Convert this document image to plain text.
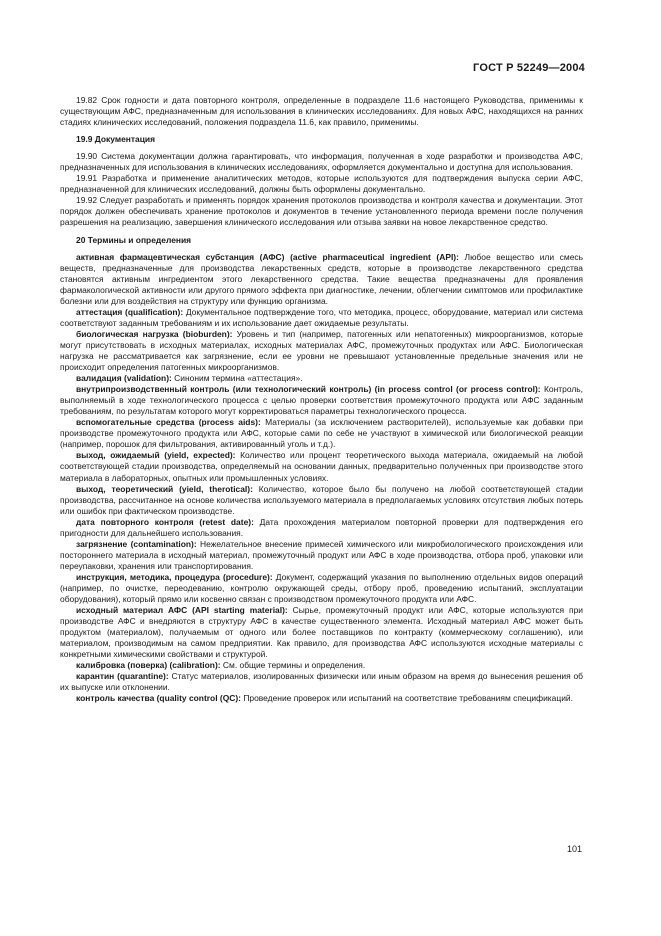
ГОСТ Р 52249—2004

19.82 Срок годности и дата повторного контроля, определенные в подразделе 11.6 настоящего Руководства, применимы к существующим АФС, предназначенным для использования в клинических исследованиях. Для новых АФС, находящихся на ранних стадиях клинических исследований, положения подраздела 11.6, как правило, применимы.

19.9 Документация

19.90 Система документации должна гарантировать, что информация, полученная в ходе разработки и производства АФС, предназначенных для использования в клинических исследованиях, оформляется документально и доступна для использования.

19.91 Разработка и применение аналитических методов, которые используются для подтверждения выпуска серии АФС, предназначенной для клинических исследований, должны быть оформлены документально.

19.92 Следует разработать и применять порядок хранения протоколов производства и контроля качества и документации. Этот порядок должен обеспечивать хранение протоколов и документов в течение установленного периода времени после получения разрешения на реализацию, завершения клинического исследования или отзыва заявки на новое лекарственное средство.

20 Термины и определения

активная фармацевтическая субстанция (АФС) (active pharmaceutical ingredient (API): Любое вещество или смесь веществ, предназначенные для производства лекарственных средств, которые в производстве лекарственного средства становятся активным ингредиентом этого лекарственного средства. Такие вещества предназначены для проявления фармакологической активности или другого прямого эффекта при диагностике, лечении, облегчении симптомов или профилактике болезни или для воздействия на структуру или функцию организма.

аттестация (qualification): Документальное подтверждение того, что методика, процесс, оборудование, материал или система соответствуют заданным требованиям и их использование дает ожидаемые результаты.

биологическая нагрузка (bioburden): Уровень и тип (например, патогенных или непатогенных) микроорганизмов, которые могут присутствовать в исходных материалах, исходных материалах АФС, промежуточных продуктах или АФС. Биологическая нагрузка не рассматривается как загрязнение, если ее уровни не превышают установленные предельные значения или не происходит определения патогенных микроорганизмов.

валидация (validation): Синоним термина «аттестация».

внутрипроизводственный контроль (или технологический контроль) (in process control (or process control): Контроль, выполняемый в ходе технологического процесса с целью проверки соответствия промежуточного продукта или АФС заданным требованиям, по результатам которого могут корректироваться параметры технологического процесса.

вспомогательные средства (process aids): Материалы (за исключением растворителей), используемые как добавки при производстве промежуточного продукта или АФС, которые сами по себе не участвуют в химической или биологической реакции (например, порошок для фильтрования, активированный уголь и т.д.).

выход, ожидаемый (yield, expected): Количество или процент теоретического выхода материала, ожидаемый на любой соответствующей стадии производства, определяемый на основании данных, предварительно полученных при производстве этого материала в лабораторных, опытных или промышленных условиях.

выход, теоретический (yield, therotical): Количество, которое было бы получено на любой соответствующей стадии производства, рассчитанное на основе количества используемого материала в предполагаемых условиях отсутствия любых потерь или ошибок при фактическом производстве.

дата повторного контроля (retest date): Дата прохождения материалом повторной проверки для подтверждения его пригодности для дальнейшего использования.

загрязнение (contamination): Нежелательное внесение примесей химического или микробиологического происхождения или постороннего материала в исходный материал, промежуточный продукт или АФС в ходе производства, отбора проб, упаковки или переупаковки, хранения или транспортирования.

инструкция, методика, процедура (procedure): Документ, содержащий указания по выполнению отдельных видов операций (например, по очистке, переодеванию, контролю окружающей среды, отбору проб, проведению испытаний, эксплуатации оборудования), который прямо или косвенно связан с производством промежуточного продукта или АФС.

исходный материал АФС (API starting material): Сырье, промежуточный продукт или АФС, которые используются при производстве АФС и внедряются в структуру АФС в качестве существенного элемента. Исходный материал АФС может быть продуктом (материалом), получаемым от одного или более поставщиков по контракту (коммерческому соглашению), или материалом, производимым на самом предприятии. Как правило, для производства АФС используются исходные материалы с конкретными химическими свойствами и структурой.

калибровка (поверка) (calibration): См. общие термины и определения.

карантин (quarantine): Статус материалов, изолированных физически или иным образом на время до вынесения решения об их выпуске или отклонении.

контроль качества (quality control (QC): Проведение проверок или испытаний на соответствие требованиям спецификаций.

101
